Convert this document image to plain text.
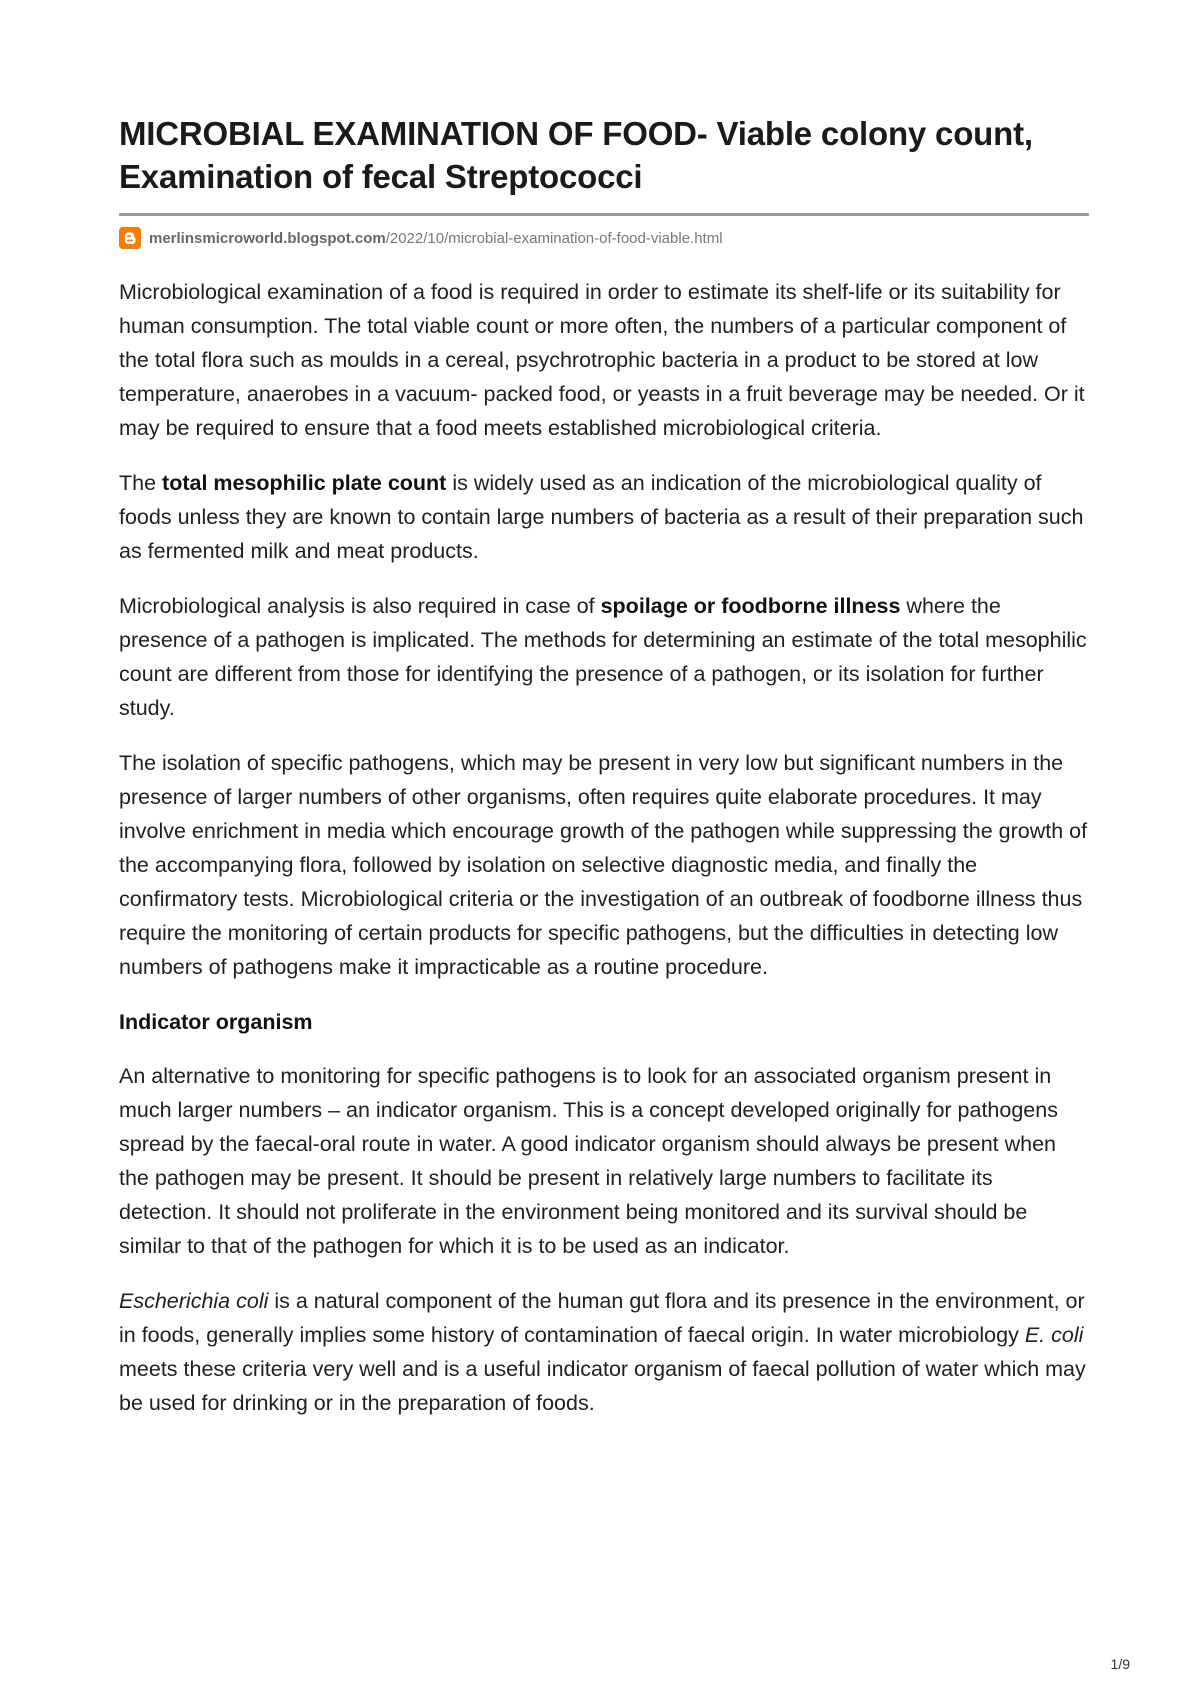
MICROBIAL EXAMINATION OF FOOD- Viable colony count, Examination of fecal Streptococci
merlinsmicroworld.blogspot.com/2022/10/microbial-examination-of-food-viable.html

Microbiological examination of a food is required in order to estimate its shelf-life or its suitability for human consumption. The total viable count or more often, the numbers of a particular component of the total flora such as moulds in a cereal, psychrotrophic bacteria in a product to be stored at low temperature, anaerobes in a vacuum- packed food, or yeasts in a fruit beverage may be needed. Or it may be required to ensure that a food meets established microbiological criteria.

The total mesophilic plate count is widely used as an indication of the microbiological quality of foods unless they are known to contain large numbers of bacteria as a result of their preparation such as fermented milk and meat products.

Microbiological analysis is also required in case of spoilage or foodborne illness where the presence of a pathogen is implicated. The methods for determining an estimate of the total mesophilic count are different from those for identifying the presence of a pathogen, or its isolation for further study.

The isolation of specific pathogens, which may be present in very low but significant numbers in the presence of larger numbers of other organisms, often requires quite elaborate procedures. It may involve enrichment in media which encourage growth of the pathogen while suppressing the growth of the accompanying flora, followed by isolation on selective diagnostic media, and finally the confirmatory tests. Microbiological criteria or the investigation of an outbreak of foodborne illness thus require the monitoring of certain products for specific pathogens, but the difficulties in detecting low numbers of pathogens make it impracticable as a routine procedure.

Indicator organism

An alternative to monitoring for specific pathogens is to look for an associated organism present in much larger numbers – an indicator organism. This is a concept developed originally for pathogens spread by the faecal-oral route in water. A good indicator organism should always be present when the pathogen may be present. It should be present in relatively large numbers to facilitate its detection. It should not proliferate in the environment being monitored and its survival should be similar to that of the pathogen for which it is to be used as an indicator.

Escherichia coli is a natural component of the human gut flora and its presence in the environment, or in foods, generally implies some history of contamination of faecal origin. In water microbiology E. coli meets these criteria very well and is a useful indicator organism of faecal pollution of water which may be used for drinking or in the preparation of foods.

1/9
